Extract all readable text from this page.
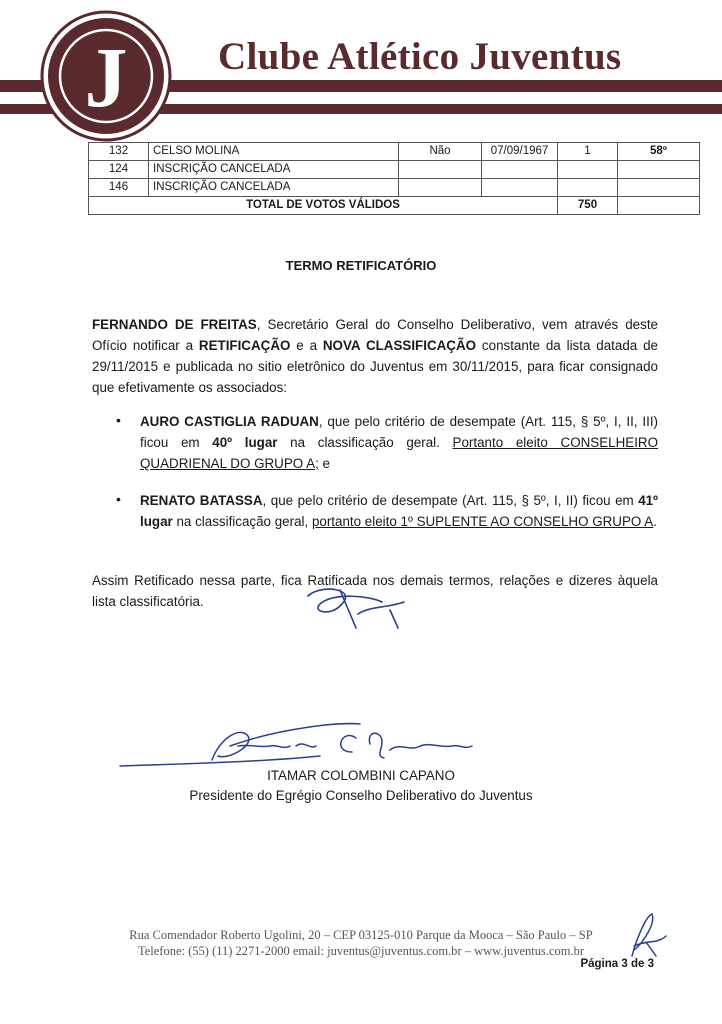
J Clube Atlético Juventus
132	CELSO MOLINA	Não	07/09/1967	1	58º
124	INSCRIÇÃO CANCELADA				
146	INSCRIÇÃO CANCELADA				
TOTAL DE VOTOS VÁLIDOS				750	
TERMO RETIFICATÓRIO
FERNANDO DE FREITAS, Secretário Geral do Conselho Deliberativo, vem através deste Ofício notificar a RETIFICAÇÃO e a NOVA CLASSIFICAÇÃO constante da lista datada de 29/11/2015 e publicada no sitio eletrônico do Juventus em 30/11/2015, para ficar consignado que efetivamente os associados:
• AURO CASTIGLIA RADUAN, que pelo critério de desempate (Art. 115, § 5º, I, II, III) ficou em 40º lugar na classificação geral. Portanto eleito CONSELHEIRO QUADRIENAL DO GRUPO A; e
• RENATO BATASSA, que pelo critério de desempate (Art. 115, § 5º, I, II) ficou em 41º lugar na classificação geral, portanto eleito 1º SUPLENTE AO CONSELHO GRUPO A.
Assim Retificado nessa parte, fica Ratificada nos demais termos, relações e dizeres àquela lista classificatória.
ITAMAR COLOMBINI CAPANO
Presidente do Egrégio Conselho Deliberativo do Juventus
Rua Comendador Roberto Ugolini, 20 – CEP 03125-010 Parque da Mooca – São Paulo – SP
Telefone: (55) (11) 2271-2000 email: juventus@juventus.com.br – www.juventus.com.br
Página 3 de 3
